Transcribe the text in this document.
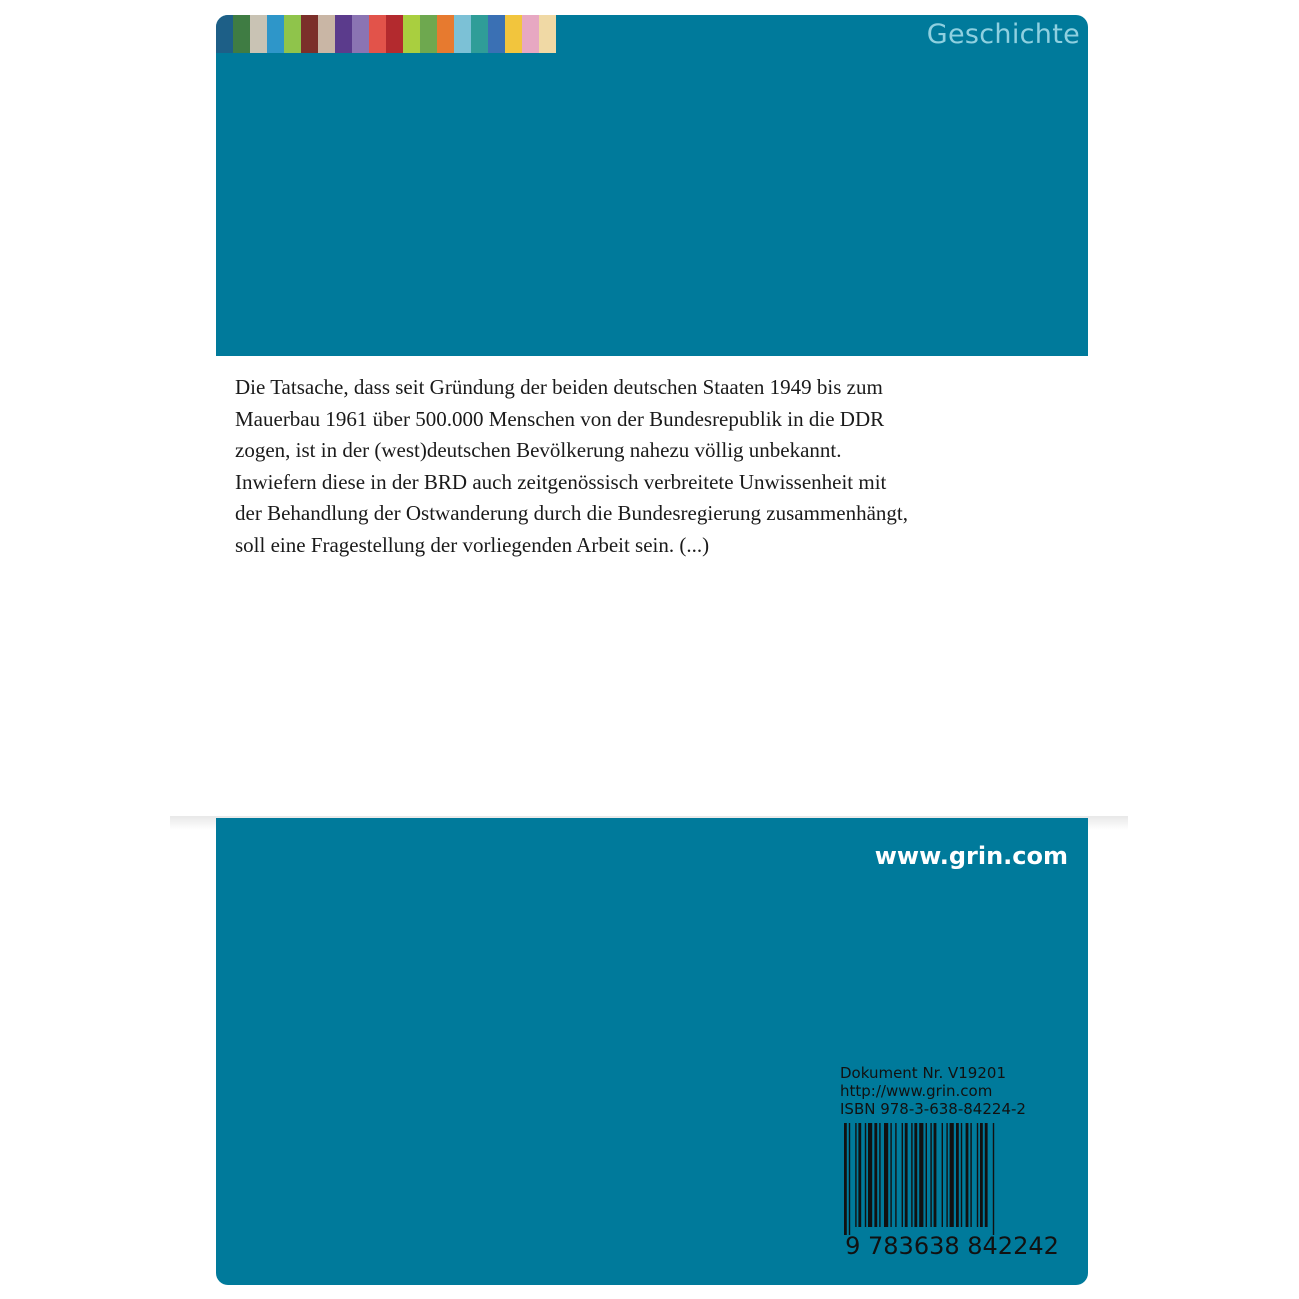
Geschichte

Die Tatsache, dass seit Gründung der beiden deutschen Staaten 1949 bis zum
Mauerbau 1961 über 500.000 Menschen von der Bundesrepublik in die DDR
zogen, ist in der (west)deutschen Bevölkerung nahezu völlig unbekannt.
Inwiefern diese in der BRD auch zeitgenössisch verbreitete Unwissenheit mit
der Behandlung der Ostwanderung durch die Bundesregierung zusammenhängt,
soll eine Fragestellung der vorliegenden Arbeit sein. (...)

www.grin.com
Dokument Nr. V19201
http://www.grin.com
ISBN 978-3-638-84224-2
9 783638 842242
